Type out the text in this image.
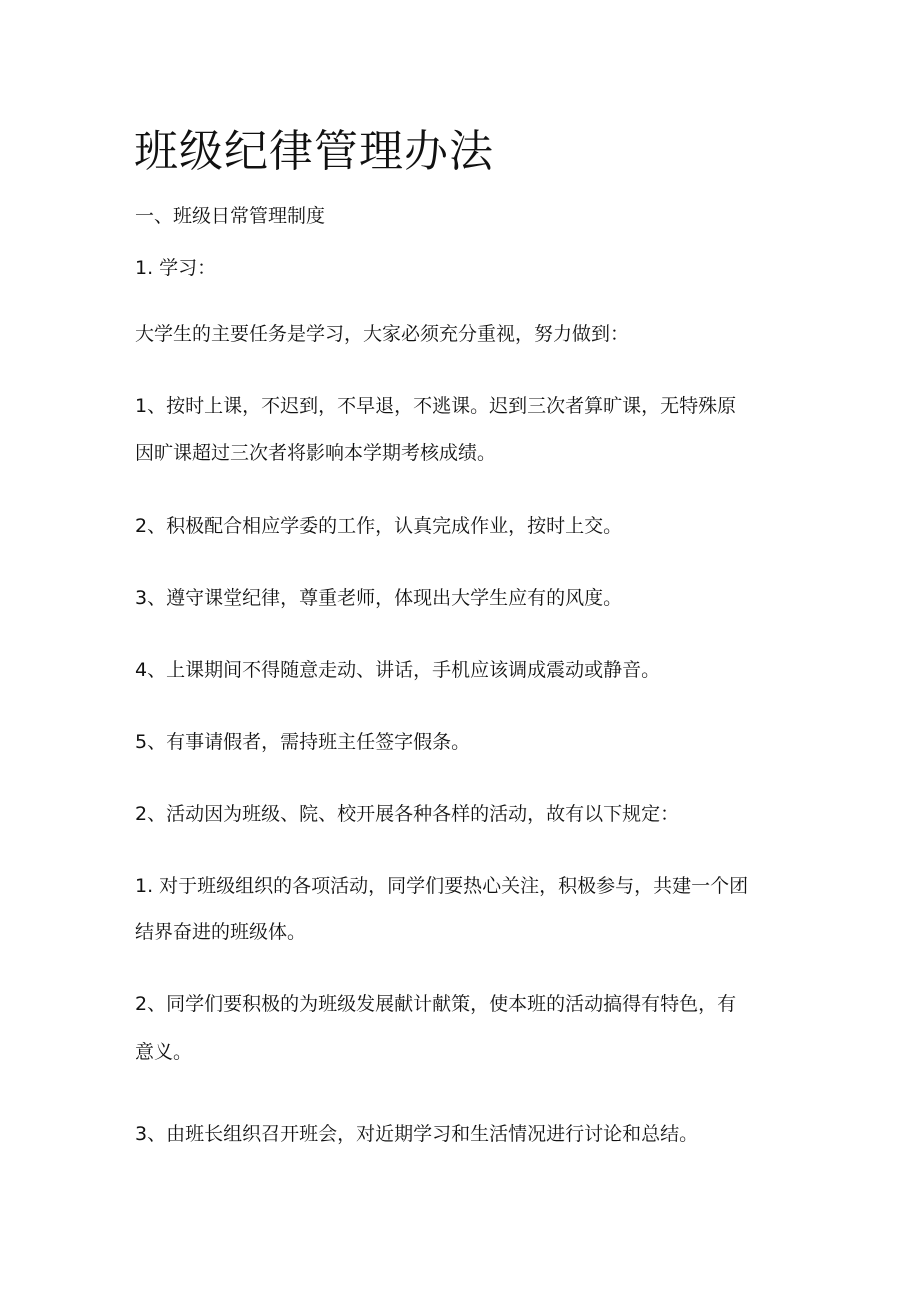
班级纪律管理办法

一、班级日常管理制度

1. 学习：

大学生的主要任务是学习，大家必须充分重视，努力做到：

1、按时上课，不迟到，不早退，不逃课。迟到三次者算旷课，无特殊原

因旷课超过三次者将影响本学期考核成绩。

2、积极配合相应学委的工作，认真完成作业，按时上交。

3、遵守课堂纪律，尊重老师，体现出大学生应有的风度。

4、上课期间不得随意走动、讲话，手机应该调成震动或静音。

5、有事请假者，需持班主任签字假条。

2、活动因为班级、院、校开展各种各样的活动，故有以下规定：

1. 对于班级组织的各项活动，同学们要热心关注，积极参与，共建一个团

结界奋进的班级体。

2、同学们要积极的为班级发展献计献策，使本班的活动搞得有特色，有

意义。

3、由班长组织召开班会，对近期学习和生活情况进行讨论和总结。
